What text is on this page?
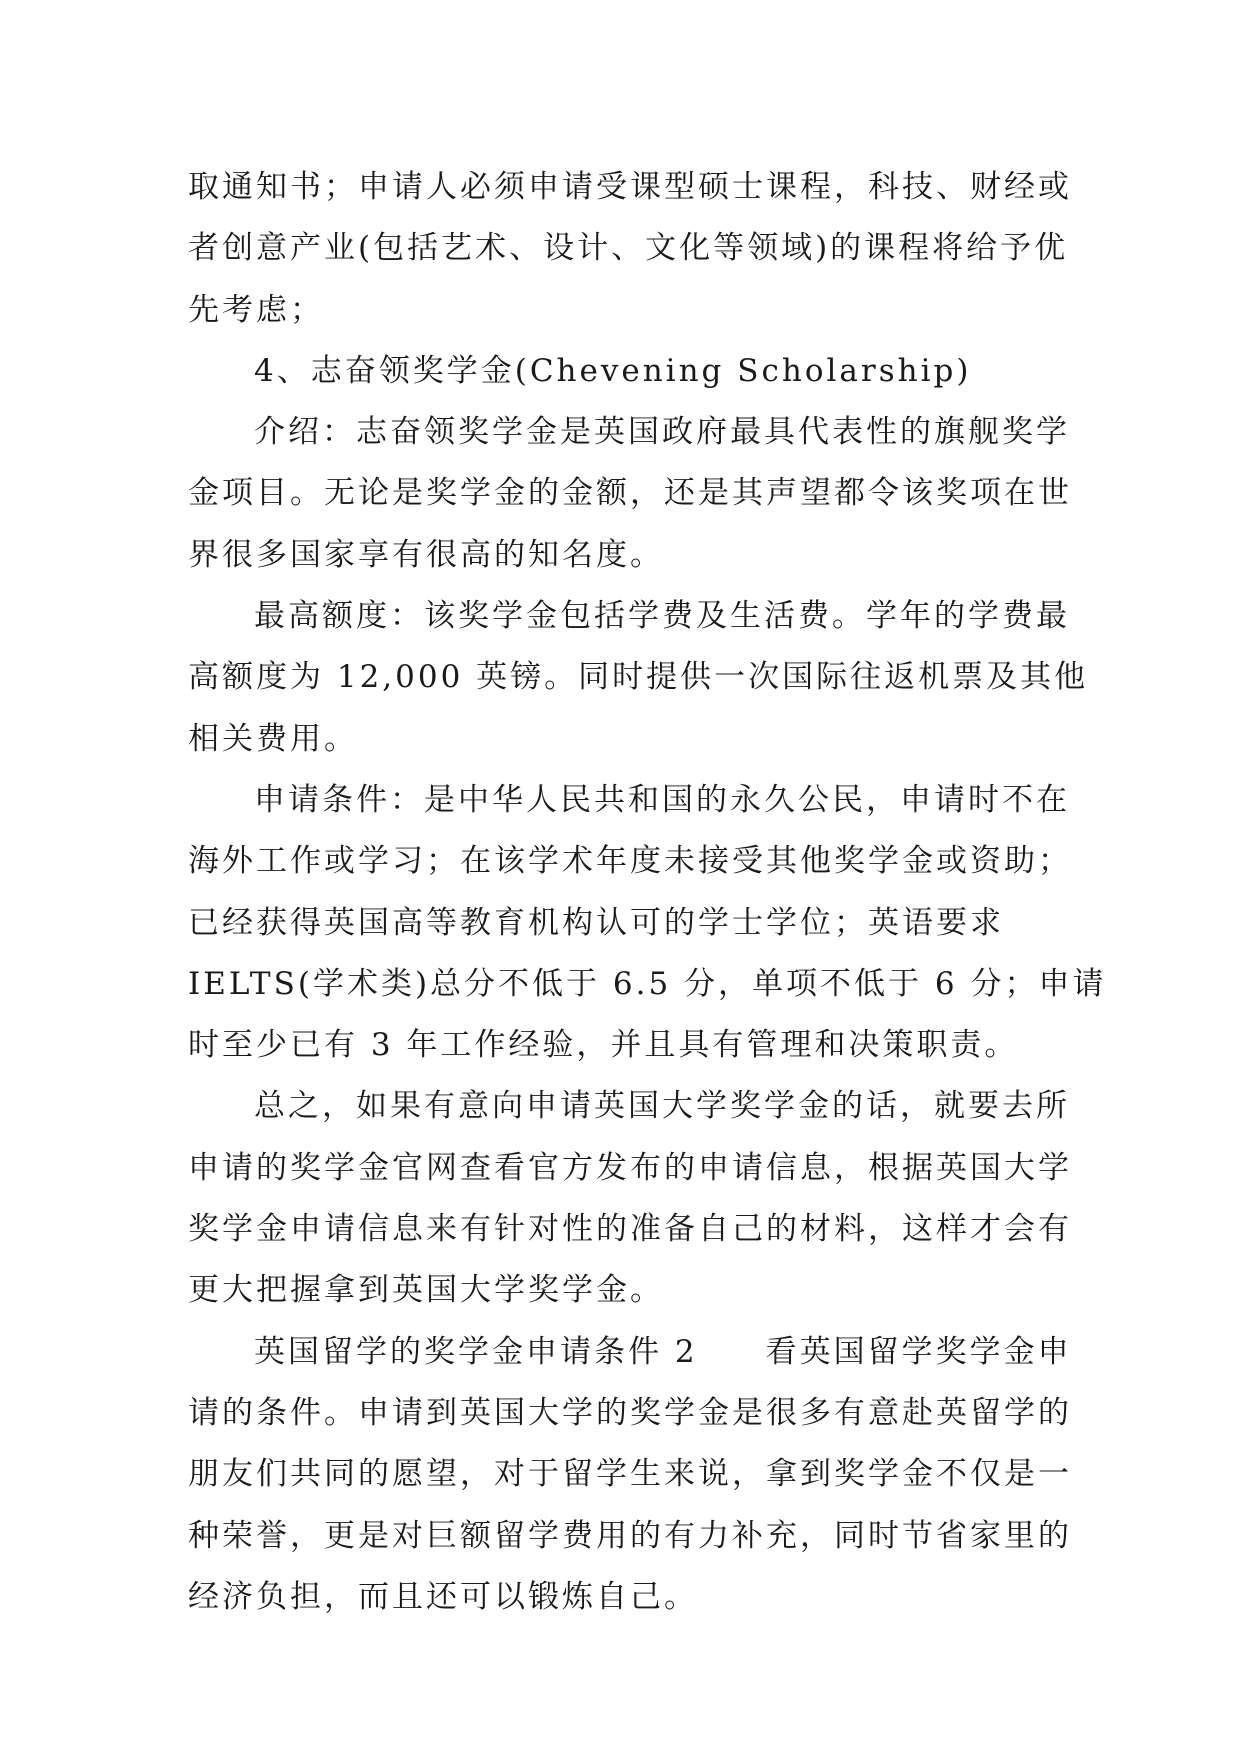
取通知书；申请人必须申请受课型硕士课程，科技、财经或
者创意产业(包括艺术、设计、文化等领域)的课程将给予优
先考虑；
4、志奋领奖学金(Chevening Scholarship)
介绍：志奋领奖学金是英国政府最具代表性的旗舰奖学
金项目。无论是奖学金的金额，还是其声望都令该奖项在世
界很多国家享有很高的知名度。
最高额度：该奖学金包括学费及生活费。学年的学费最
高额度为 12,000 英镑。同时提供一次国际往返机票及其他
相关费用。
申请条件：是中华人民共和国的永久公民，申请时不在
海外工作或学习；在该学术年度未接受其他奖学金或资助；
已经获得英国高等教育机构认可的学士学位；英语要求
IELTS(学术类)总分不低于 6.5 分，单项不低于 6 分；申请
时至少已有 3 年工作经验，并且具有管理和决策职责。
总之，如果有意向申请英国大学奖学金的话，就要去所
申请的奖学金官网查看官方发布的申请信息，根据英国大学
奖学金申请信息来有针对性的准备自己的材料，这样才会有
更大把握拿到英国大学奖学金。
英国留学的奖学金申请条件 2　　看英国留学奖学金申
请的条件。申请到英国大学的奖学金是很多有意赴英留学的
朋友们共同的愿望，对于留学生来说，拿到奖学金不仅是一
种荣誉，更是对巨额留学费用的有力补充，同时节省家里的
经济负担，而且还可以锻炼自己。
